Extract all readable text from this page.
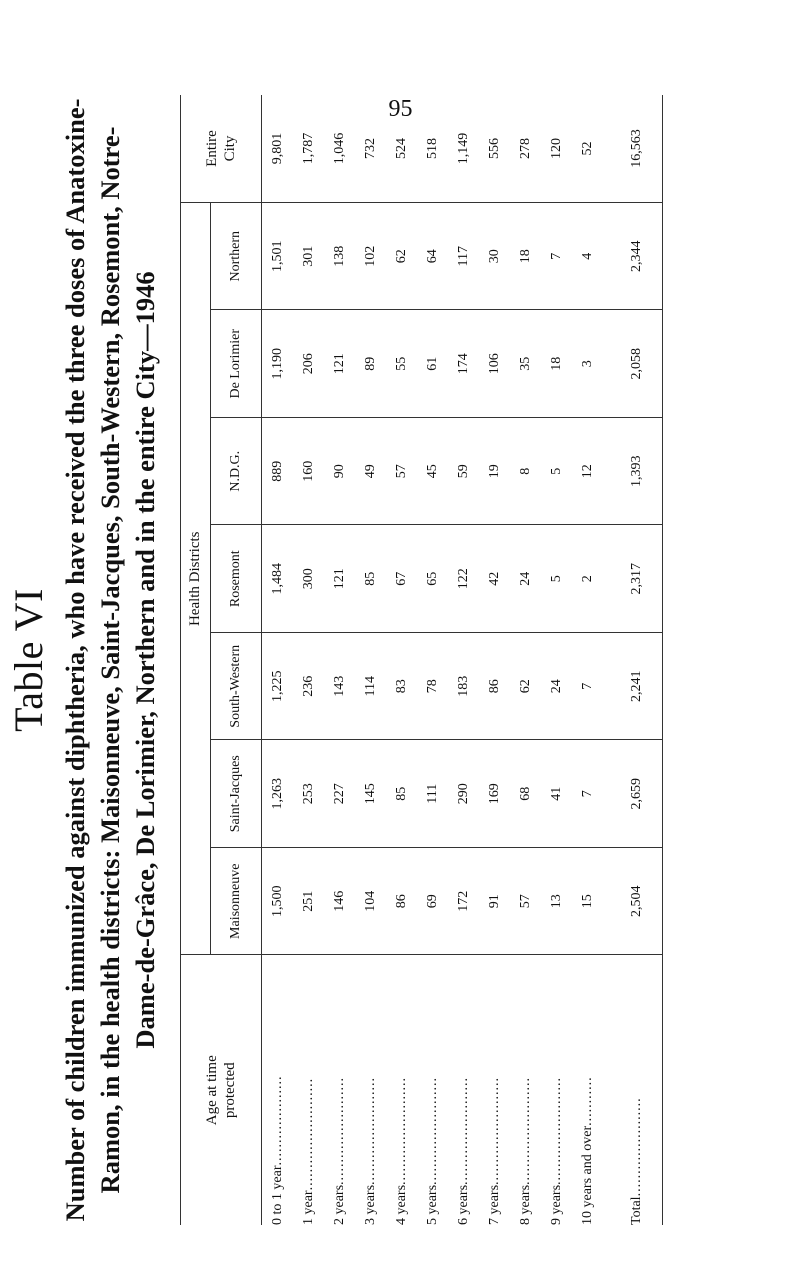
95
Table VI Number of children immunized against diphtheria, who have received the three doses of Anatoxine- Ramon, in the health districts: Maisonneuve, Saint-Jacques, South-Western, Rosemont, Notre- Dame-de-Grâce, De Lorimier, Northern and in the entire City—1946
Age at time protected	Health Districts							Entire City
	Maisonneuve	Saint-Jacques	South-Western	Rosemont	N.D.G.	De Lorimier	Northern	
0 to 1 year....................	1,500	1,263	1,225	1,484	889	1,190	1,501	9,801
1 year.........................	251	253	236	300	160	206	301	1,787
2 years........................	146	227	143	121	90	121	138	1,046
3 years........................	104	145	114	85	49	89	102	732
4 years........................	86	85	83	67	57	55	62	524
5 years........................	69	111	78	65	45	61	64	518
6 years........................	172	290	183	122	59	174	117	1,149
7 years........................	91	169	86	42	19	106	30	556
8 years........................	57	68	62	24	8	35	18	278
9 years........................	13	41	24	5	5	18	7	120
10 years and over...........	15	7	7	2	12	3	4	52

Total......................	2,504	2,659	2,241	2,317	1,393	2,058	2,344	16,563
